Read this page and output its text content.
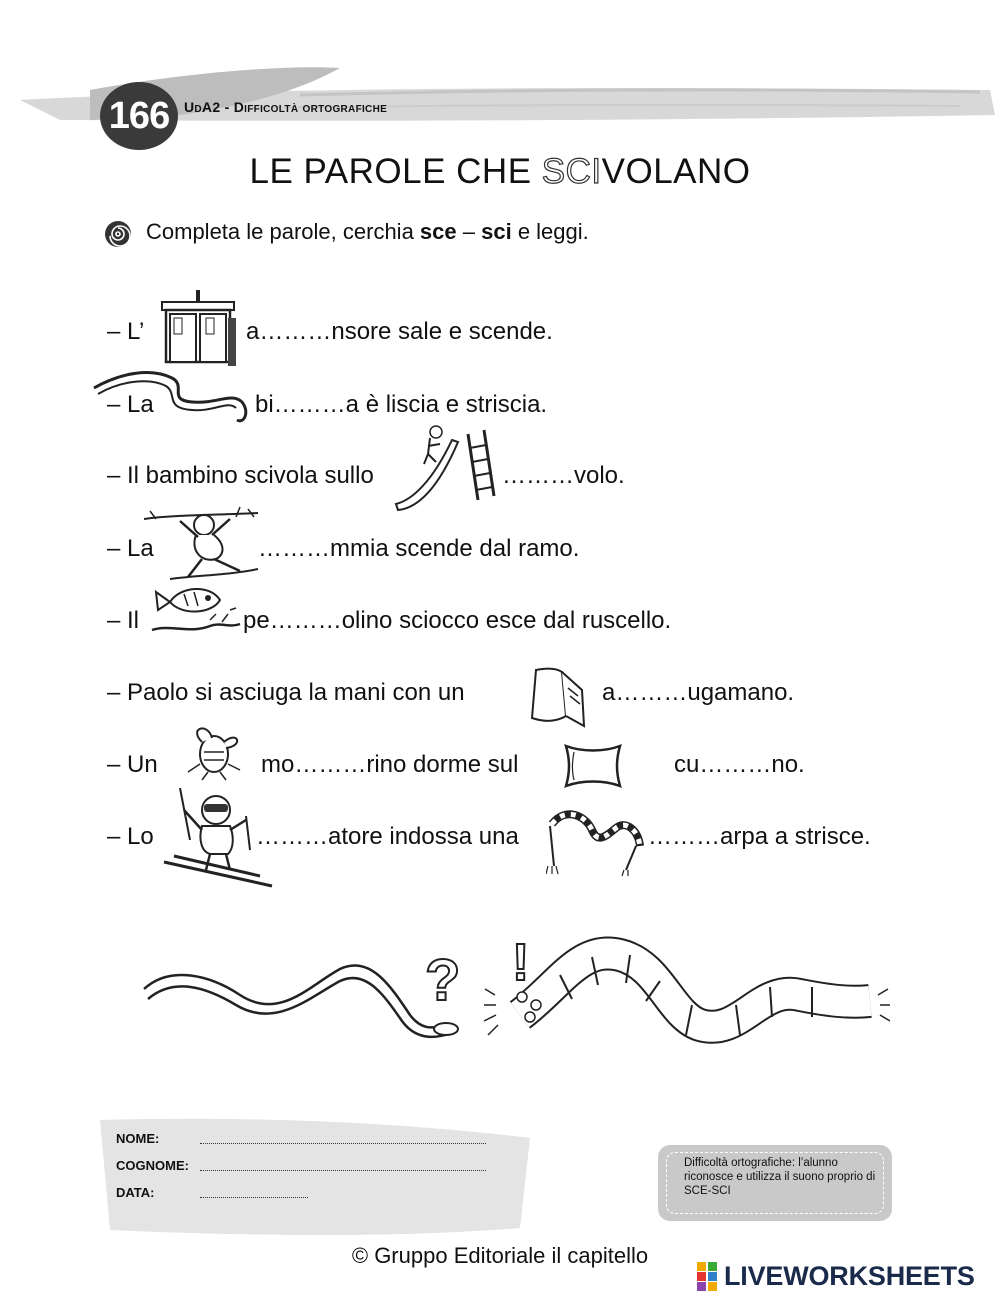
166	UdA2 - Difficoltà ortografiche
LE PAROLE CHE SCIVOLANO
Completa le parole, cerchia sce – sci e leggi.
– L’	a………nsore sale e scende.
– La	bi………a è liscia e striscia.
– Il bambino scivola sullo	………volo.
– La	………mmia scende dal ramo.
– Il	pe………olino sciocco esce dal ruscello.
– Paolo si asciuga la mani con un	a………ugamano.
– Un	mo………rino dorme sul	cu………no.
– Lo	………atore indossa una	………arpa a strisce.
? !
NOME:
COGNOME:
DATA:
Difficoltà ortografiche: l’alunno riconosce e utilizza il suono proprio di SCE-SCI
© Gruppo Editoriale il capitello
LIVEWORKSHEETS
